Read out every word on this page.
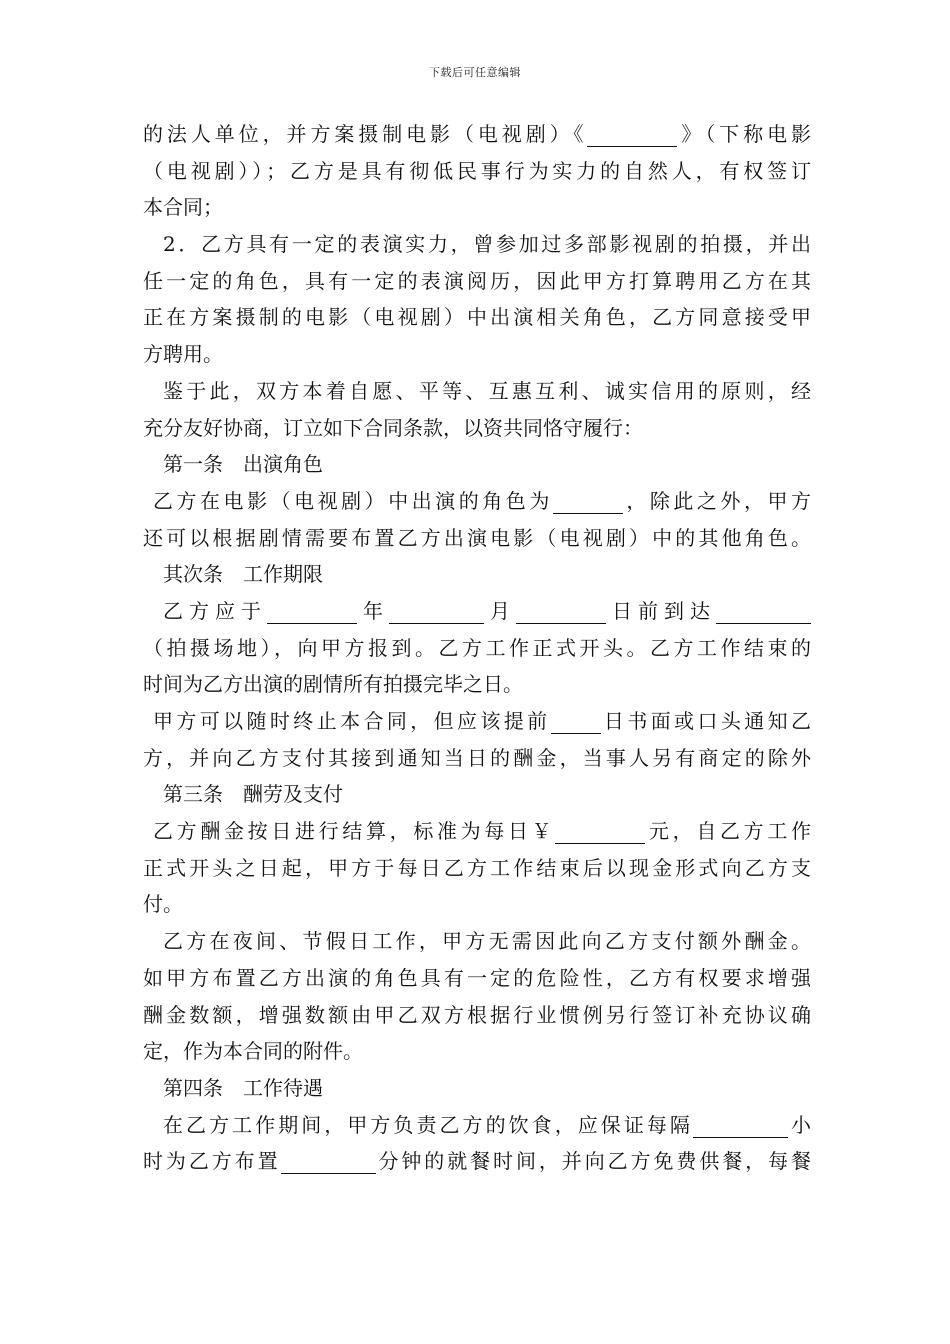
下载后可任意编辑
的法人单位，并方案摄制电影（电视剧）《	》（下称电影
（电视剧））；乙方是具有彻低民事行为实力的自然人，有权签订
本合同；
2．乙方具有一定的表演实力，曾参加过多部影视剧的拍摄，并出
任一定的角色，具有一定的表演阅历，因此甲方打算聘用乙方在其
正在方案摄制的电影（电视剧）中出演相关角色，乙方同意接受甲
方聘用。
鉴于此，双方本着自愿、平等、互惠互利、诚实信用的原则，经
充分友好协商，订立如下合同条款，以资共同恪守履行：
第一条　出演角色
乙方在电影（电视剧）中出演的角色为	，除此之外，甲方
还可以根据剧情需要布置乙方出演电影（电视剧）中的其他角色。
其次条　工作期限
乙方应于	年	月	日前到达
（拍摄场地），向甲方报到。乙方工作正式开头。乙方工作结束的
时间为乙方出演的剧情所有拍摄完毕之日。
甲方可以随时终止本合同，但应该提前	日书面或口头通知乙
方，并向乙方支付其接到通知当日的酬金，当事人另有商定的除外
第三条　酬劳及支付
乙方酬金按日进行结算，标准为每日￥	元，自乙方工作
正式开头之日起，甲方于每日乙方工作结束后以现金形式向乙方支
付。
乙方在夜间、节假日工作，甲方无需因此向乙方支付额外酬金。
如甲方布置乙方出演的角色具有一定的危险性，乙方有权要求增强
酬金数额，增强数额由甲乙双方根据行业惯例另行签订补充协议确
定，作为本合同的附件。
第四条　工作待遇
在乙方工作期间，甲方负责乙方的饮食，应保证每隔	小
时为乙方布置	分钟的就餐时间，并向乙方免费供餐，每餐
